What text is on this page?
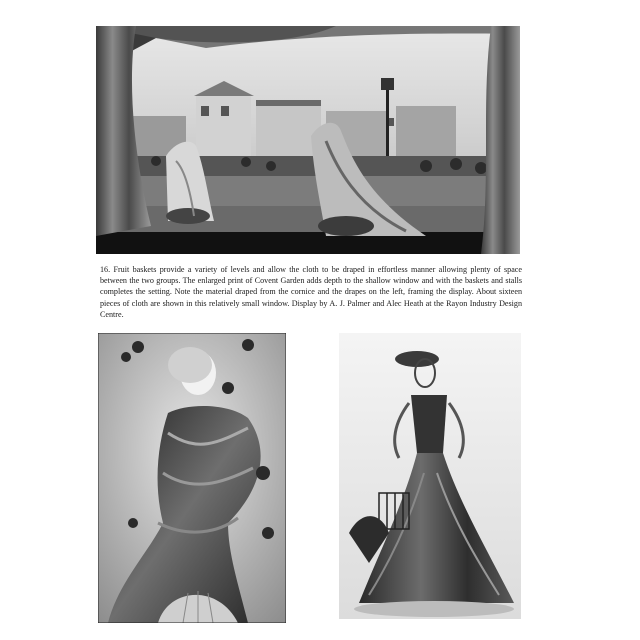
16. Fruit baskets provide a variety of levels and allow the cloth to be draped in effortless manner allowing plenty of space between the two groups. The enlarged print of Covent Garden adds depth to the shallow window and with the baskets and stalls completes the setting. Note the material draped from the cornice and the drapes on the left, framing the display. About sixteen pieces of cloth are shown in this relatively small window. Display by A. J. Palmer and Alec Heath at the Rayon Industry Design Centre.
